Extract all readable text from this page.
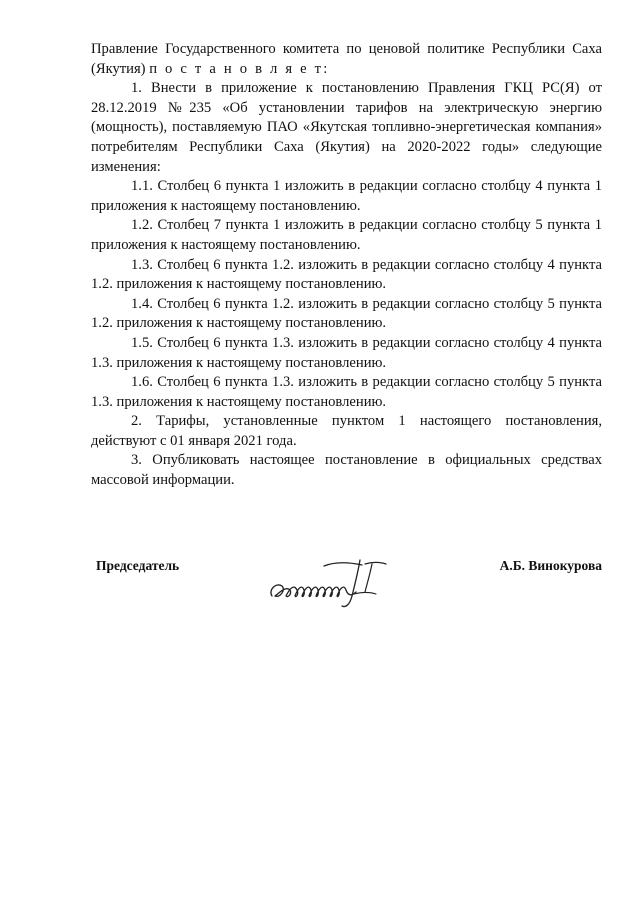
Правление Государственного комитета по ценовой политике Республики Саха (Якутия) п о с т а н о в л я е т:

1. Внести в приложение к постановлению Правления ГКЦ РС(Я) от 28.12.2019 №235 «Об установлении тарифов на электрическую энергию (мощность), поставляемую ПАО «Якутская топливно-энергетическая компания» потребителям Республики Саха (Якутия) на 2020-2022 годы» следующие изменения:

1.1. Столбец 6 пункта 1 изложить в редакции согласно столбцу 4 пункта 1 приложения к настоящему постановлению.

1.2. Столбец 7 пункта 1 изложить в редакции согласно столбцу 5 пункта 1 приложения к настоящему постановлению.

1.3. Столбец 6 пункта 1.2. изложить в редакции согласно столбцу 4 пункта 1.2. приложения к настоящему постановлению.

1.4. Столбец 6 пункта 1.2. изложить в редакции согласно столбцу 5 пункта 1.2. приложения к настоящему постановлению.

1.5. Столбец 6 пункта 1.3. изложить в редакции согласно столбцу 4 пункта 1.3. приложения к настоящему постановлению.

1.6. Столбец 6 пункта 1.3. изложить в редакции согласно столбцу 5 пункта 1.3. приложения к настоящему постановлению.

2. Тарифы, установленные пунктом 1 настоящего постановления, действуют с 01 января 2021 года.

3. Опубликовать настоящее постановление в официальных средствах массовой информации.

Председатель	А.Б. Винокурова
